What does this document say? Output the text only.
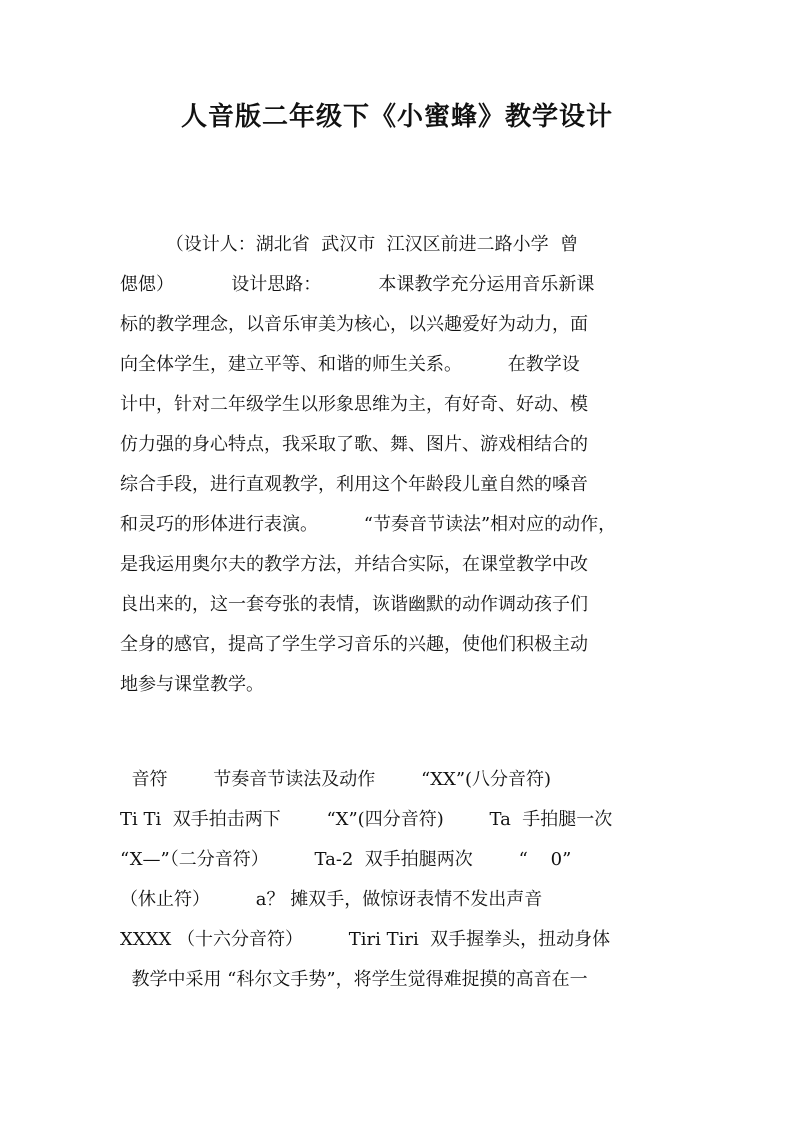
人音版二年级下《小蜜蜂》教学设计
（设计人：湖北省  武汉市  江汉区前进二路小学  曾
偲偲）          设计思路：          本课教学充分运用音乐新课
标的教学理念，以音乐审美为核心，以兴趣爱好为动力，面
向全体学生，建立平等、和谐的师生关系。        在教学设
计中，针对二年级学生以形象思维为主，有好奇、好动、模
仿力强的身心特点，我采取了歌、舞、图片、游戏相结合的
综合手段，进行直观教学，利用这个年龄段儿童自然的嗓音
和灵巧的形体进行表演。        “节奏音节读法”相对应的动作，
是我运用奥尔夫的教学方法，并结合实际，在课堂教学中改
良出来的，这一套夸张的表情，诙谐幽默的动作调动孩子们
全身的感官，提高了学生学习音乐的兴趣，使他们积极主动
地参与课堂教学。
音符        节奏音节读法及动作        “XX”(八分音符)
Ti Ti  双手拍击两下        “X”(四分音符)        Ta  手拍腿一次
“X—”（二分音符）        Ta-2  双手拍腿两次        “    0”
（休止符）        a？ 摊双手，做惊讶表情不发出声音
XXXX （十六分音符）        Tiri Tiri  双手握拳头，扭动身体
教学中采用 “科尔文手势”，将学生觉得难捉摸的高音在一
